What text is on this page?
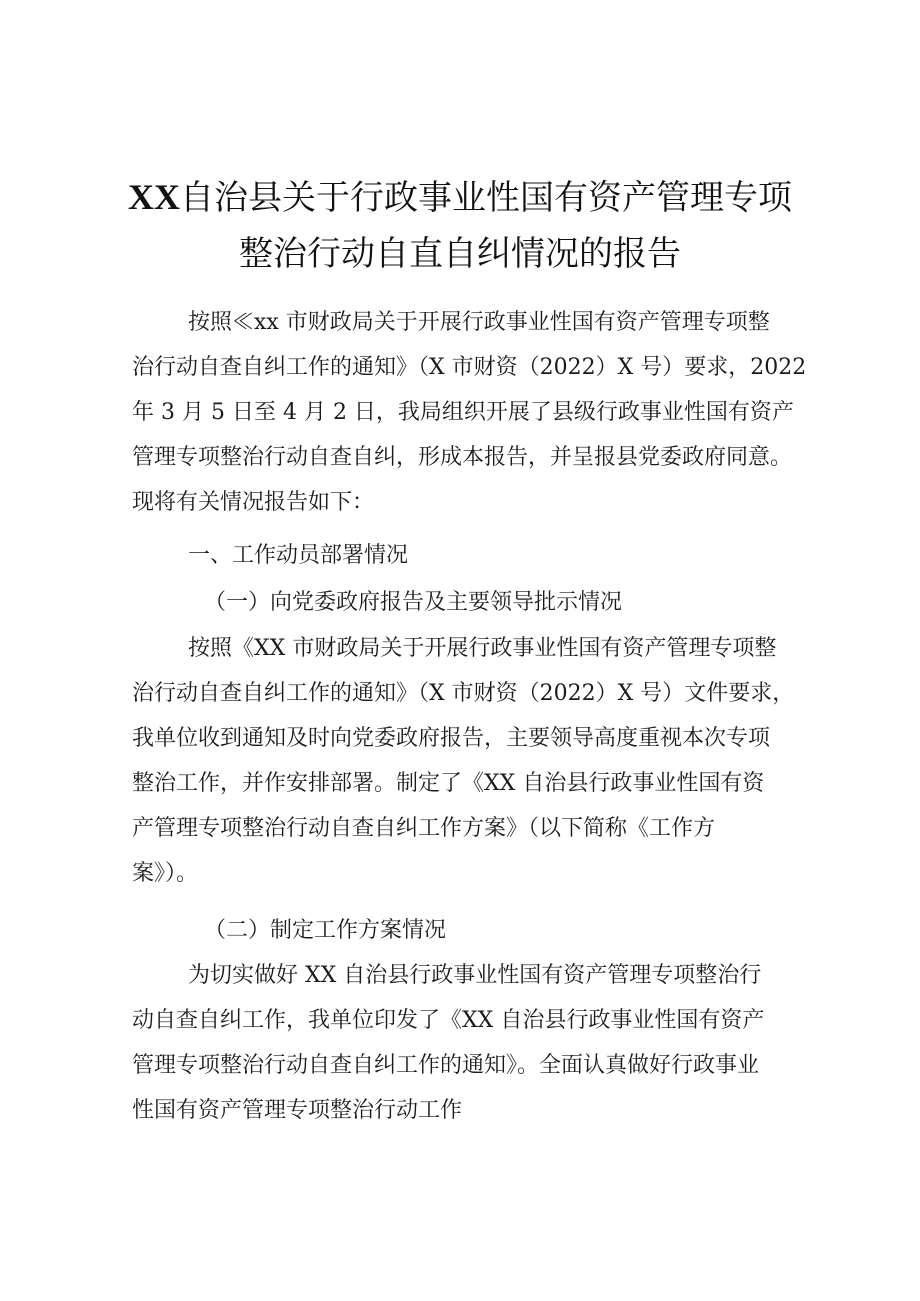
XX自治县关于行政事业性国有资产管理专项
整治行动自直自纠情况的报告
按照≪xx 市财政局关于开展行政事业性国有资产管理专项整
治行动自查自纠工作的通知》（X 市财资（2022）X 号）要求，2022
年 3 月 5 日至 4 月 2 日，我局组织开展了县级行政事业性国有资产
管理专项整治行动自查自纠，形成本报告，并呈报县党委政府同意。
现将有关情况报告如下：
一、工作动员部署情况
（一）向党委政府报告及主要领导批示情况
按照《XX 市财政局关于开展行政事业性国有资产管理专项整
治行动自查自纠工作的通知》（X 市财资（2022）X 号）文件要求，
我单位收到通知及时向党委政府报告，主要领导高度重视本次专项
整治工作，并作安排部署。制定了《XX 自治县行政事业性国有资
产管理专项整治行动自查自纠工作方案》（以下简称《工作方
案》）。
（二）制定工作方案情况
为切实做好 XX 自治县行政事业性国有资产管理专项整治行
动自查自纠工作，我单位印发了《XX 自治县行政事业性国有资产
管理专项整治行动自查自纠工作的通知》。全面认真做好行政事业
性国有资产管理专项整治行动工作
